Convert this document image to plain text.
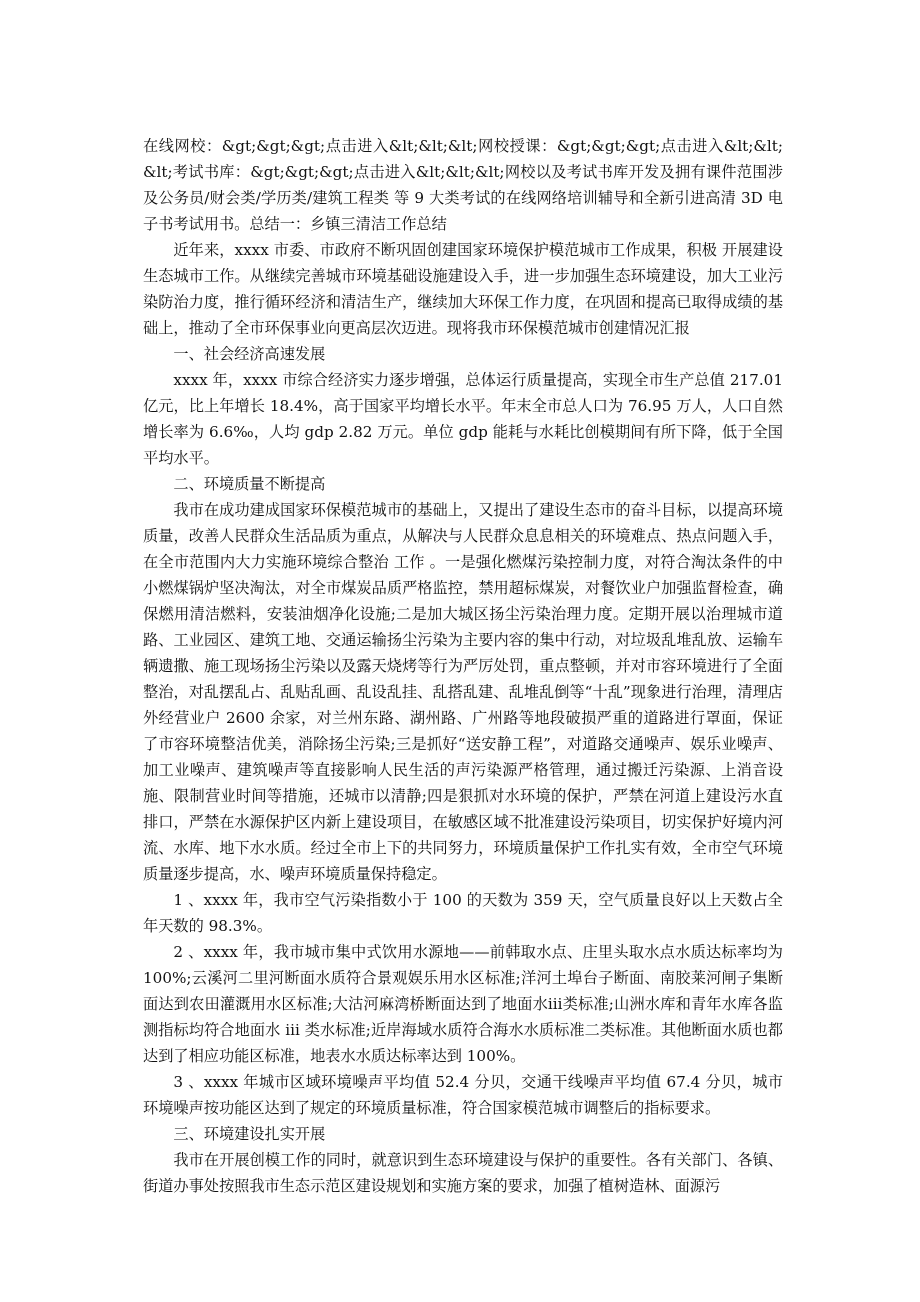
在线网校：&gt;&gt;&gt;点击进入&lt;&lt;&lt;网校授课：&gt;&gt;&gt;点击进入&lt;&lt;&lt;考试书库：&gt;&gt;&gt;点击进入&lt;&lt;&lt;网校以及考试书库开发及拥有课件范围涉及公务员/财会类/学历类/建筑工程类 等 9 大类考试的在线网络培训辅导和全新引进高清 3D 电子书考试用书。总结一：乡镇三清洁工作总结

近年来，xxxx 市委、市政府不断巩固创建国家环境保护模范城市工作成果，积极 开展建设生态城市工作。从继续完善城市环境基础设施建设入手，进一步加强生态环境建设，加大工业污染防治力度，推行循环经济和清洁生产，继续加大环保工作力度，在巩固和提高已取得成绩的基础上，推动了全市环保事业向更高层次迈进。现将我市环保模范城市创建情况汇报

一、社会经济高速发展

xxxx 年，xxxx 市综合经济实力逐步增强，总体运行质量提高，实现全市生产总值 217.01 亿元，比上年增长 18.4%，高于国家平均增长水平。年末全市总人口为 76.95 万人，人口自然增长率为 6.6‰，人均 gdp 2.82 万元。单位 gdp 能耗与水耗比创模期间有所下降，低于全国平均水平。

二、环境质量不断提高

我市在成功建成国家环保模范城市的基础上，又提出了建设生态市的奋斗目标，以提高环境质量，改善人民群众生活品质为重点，从解决与人民群众息息相关的环境难点、热点问题入手，在全市范围内大力实施环境综合整治 工作 。一是强化燃煤污染控制力度，对符合淘汰条件的中小燃煤锅炉坚决淘汰，对全市煤炭品质严格监控，禁用超标煤炭，对餐饮业户加强监督检查，确保燃用清洁燃料，安装油烟净化设施;二是加大城区扬尘污染治理力度。定期开展以治理城市道路、工业园区、建筑工地、交通运输扬尘污染为主要内容的集中行动，对垃圾乱堆乱放、运输车辆遗撒、施工现场扬尘污染以及露天烧烤等行为严厉处罚，重点整顿，并对市容环境进行了全面整治，对乱摆乱占、乱贴乱画、乱设乱挂、乱搭乱建、乱堆乱倒等“十乱”现象进行治理，清理店外经营业户 2600 余家，对兰州东路、湖州路、广州路等地段破损严重的道路进行罩面，保证了市容环境整洁优美，消除扬尘污染;三是抓好“送安静工程”，对道路交通噪声、娱乐业噪声、加工业噪声、建筑噪声等直接影响人民生活的声污染源严格管理，通过搬迁污染源、上消音设施、限制营业时间等措施，还城市以清静;四是狠抓对水环境的保护，严禁在河道上建设污水直排口，严禁在水源保护区内新上建设项目，在敏感区域不批准建设污染项目，切实保护好境内河流、水库、地下水水质。经过全市上下的共同努力，环境质量保护工作扎实有效，全市空气环境质量逐步提高，水、噪声环境质量保持稳定。

1 、xxxx 年，我市空气污染指数小于 100 的天数为 359 天，空气质量良好以上天数占全年天数的 98.3%。

2 、xxxx 年，我市城市集中式饮用水源地——前韩取水点、庄里头取水点水质达标率均为 100%;云溪河二里河断面水质符合景观娱乐用水区标准;洋河土埠台子断面、南胶莱河闸子集断面达到农田灌溉用水区标准;大沽河麻湾桥断面达到了地面水ⅲ类标准;山洲水库和青年水库各监测指标均符合地面水 iii 类水标准;近岸海域水质符合海水水质标准二类标准。其他断面水质也都达到了相应功能区标准，地表水水质达标率达到 100%。

3 、xxxx 年城市区域环境噪声平均值 52.4 分贝，交通干线噪声平均值 67.4 分贝，城市环境噪声按功能区达到了规定的环境质量标准，符合国家模范城市调整后的指标要求。

三、环境建设扎实开展

我市在开展创模工作的同时，就意识到生态环境建设与保护的重要性。各有关部门、各镇、街道办事处按照我市生态示范区建设规划和实施方案的要求，加强了植树造林、面源污
